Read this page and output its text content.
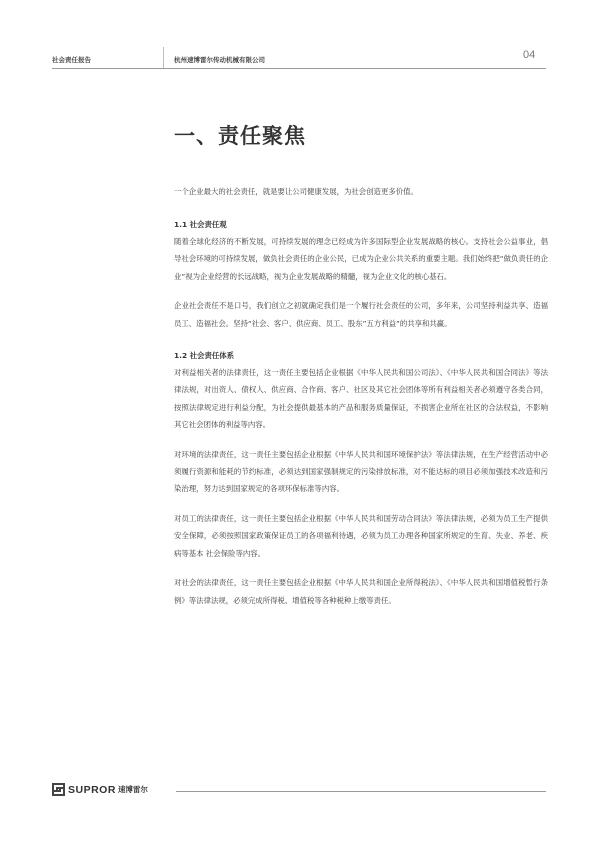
社会责任报告	杭州速博雷尔传动机械有限公司	04
一、责任聚焦

一个企业最大的社会责任，就是要让公司健康发展，为社会创造更多价值。

1.1 社会责任观

随着全球化经济的不断发展，可持续发展的理念已经成为许多国际型企业发展战略的核心。支持社会公益事业，倡导社会环境的可持续发展，做负社会责任的企业公民，已成为企业公共关系的重要主题。我们始终把“做负责任的企业”视为企业经营的长远战略，视为企业发展战略的精髓，视为企业文化的核心基石。

企业社会责任不是口号，我们创立之初就确定我们是一个履行社会责任的公司，多年来，公司坚持利益共享、造福员工、造福社会。坚持“社会、客户、供应商、员工、股东”五方利益”的共享和共赢。

1.2 社会责任体系

对利益相关者的法律责任，这一责任主要包括企业根据《中华人民共和国公司法》、《中华人民共和国合同法》等法律法规，对出资人、债权人、供应商、合作商、客户、社区及其它社会团体等所有利益相关者必须遵守各类合同，按照法律规定进行利益分配，为社会提供最基本的产品和服务质量保证，不损害企业所在社区的合法权益，不影响其它社会团体的利益等内容。

对环境的法律责任，这一责任主要包括企业根据《中华人民共和国环境保护法》等法律法规，在生产经营活动中必须履行资源和能耗的节约标准，必须达到国家强制规定的污染排放标准，对不能达标的项目必须加强技术改造和污染治理，努力达到国家规定的各项环保标准等内容。

对员工的法律责任，这一责任主要包括企业根据《中华人民共和国劳动合同法》等法律法规，必须为员工生产提供安全保障，必须按照国家政策保证员工的各项福利待遇，必须为员工办理各种国家所规定的生育、失业、养老、疾病等基本 社会保险等内容。

对社会的法律责任，这一责任主要包括企业根据《中华人民共和国企业所得税法》、《中华人民共和国增值税暂行条例》等法律法规，必须完成所得税、增值税等各种税种上缴等责任。

SUPROR 速博雷尔
